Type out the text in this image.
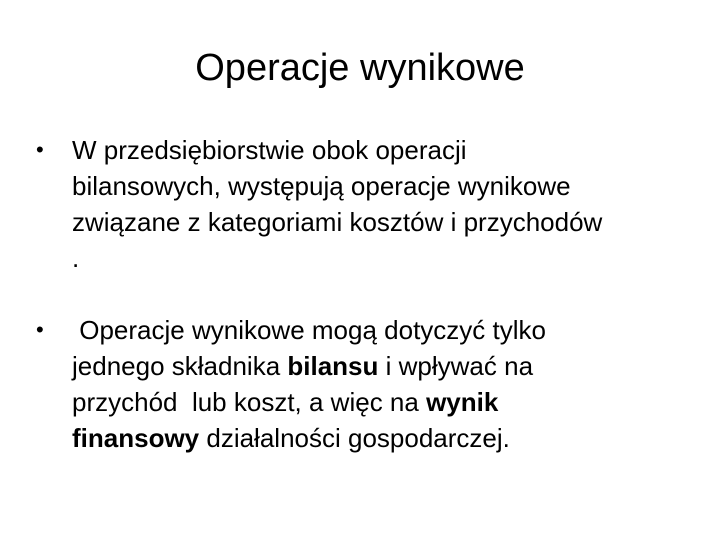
Operacje wynikowe
•	W przedsiębiorstwie obok operacji
bilansowych, występują operacje wynikowe
związane z kategoriami kosztów i przychodów
.
•	Operacje wynikowe mogą dotyczyć tylko
jednego składnika bilansu i wpływać na
przychód  lub koszt, a więc na wynik
finansowy działalności gospodarczej.
